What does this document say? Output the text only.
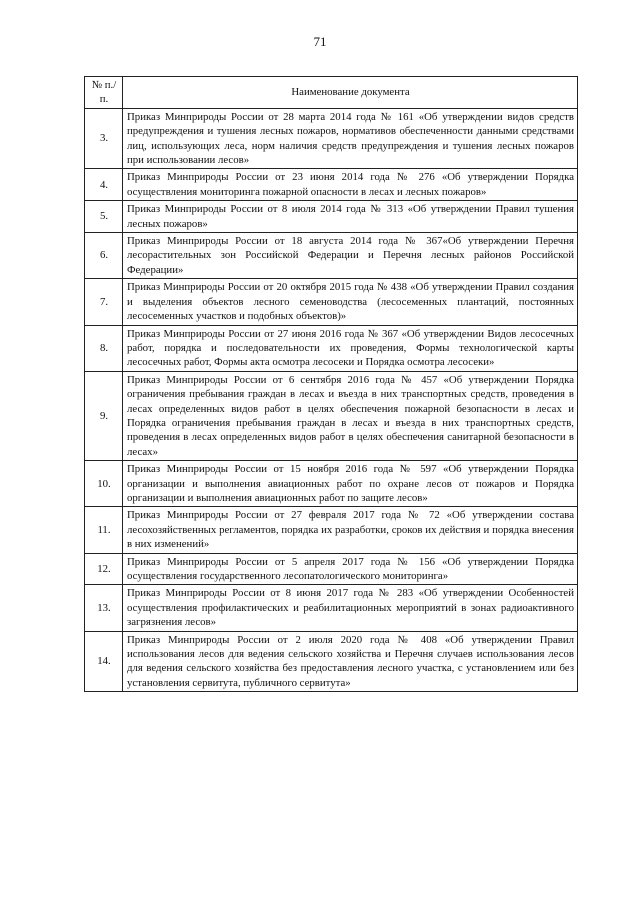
71
№ п./п.	Наименование документа
3.	Приказ Минприроды России от 28 марта 2014 года № 161 «Об утверждении видов средств предупреждения и тушения лесных пожаров, нормативов обеспеченности данными средствами лиц, использующих леса, норм наличия средств предупреждения и тушения лесных пожаров при использовании лесов»
4.	Приказ Минприроды России от 23 июня 2014 года № 276 «Об утверждении Порядка осуществления мониторинга пожарной опасности в лесах и лесных пожаров»
5.	Приказ Минприроды России от 8 июля 2014 года № 313 «Об утверждении Правил тушения лесных пожаров»
6.	Приказ Минприроды России от 18 августа 2014 года № 367«Об утверждении Перечня лесорастительных зон Российской Федерации и Перечня лесных районов Российской Федерации»
7.	Приказ Минприроды России от 20 октября 2015 года № 438 «Об утверждении Правил создания и выделения объектов лесного семеноводства (лесосеменных плантаций, постоянных лесосеменных участков и подобных объектов)»
8.	Приказ Минприроды России от 27 июня 2016 года № 367 «Об утверждении Видов лесосечных работ, порядка и последовательности их проведения, Формы технологической карты лесосечных работ, Формы акта осмотра лесосеки и Порядка осмотра лесосеки»
9.	Приказ Минприроды России от 6 сентября 2016 года № 457 «Об утверждении Порядка ограничения пребывания граждан в лесах и въезда в них транспортных средств, проведения в лесах определенных видов работ в целях обеспечения пожарной безопасности в лесах и Порядка ограничения пребывания граждан в лесах и въезда в них транспортных средств, проведения в лесах определенных видов работ в целях обеспечения санитарной безопасности в лесах»
10.	Приказ Минприроды России от 15 ноября 2016 года № 597 «Об утверждении Порядка организации и выполнения авиационных работ по охране лесов от пожаров и Порядка организации и выполнения авиационных работ по защите лесов»
11.	Приказ Минприроды России от 27 февраля 2017 года № 72 «Об утверждении состава лесохозяйственных регламентов, порядка их разработки, сроков их действия и порядка внесения в них изменений»
12.	Приказ Минприроды России от 5 апреля 2017 года № 156 «Об утверждении Порядка осуществления государственного лесопатологического мониторинга»
13.	Приказ Минприроды России от 8 июня 2017 года № 283 «Об утверждении Особенностей осуществления профилактических и реабилитационных мероприятий в зонах радиоактивного загрязнения лесов»
14.	Приказ Минприроды России от 2 июля 2020 года № 408 «Об утверждении Правил использования лесов для ведения сельского хозяйства и Перечня случаев использования лесов для ведения сельского хозяйства без предоставления лесного участка, с установлением или без установления сервитута, публичного сервитута»
